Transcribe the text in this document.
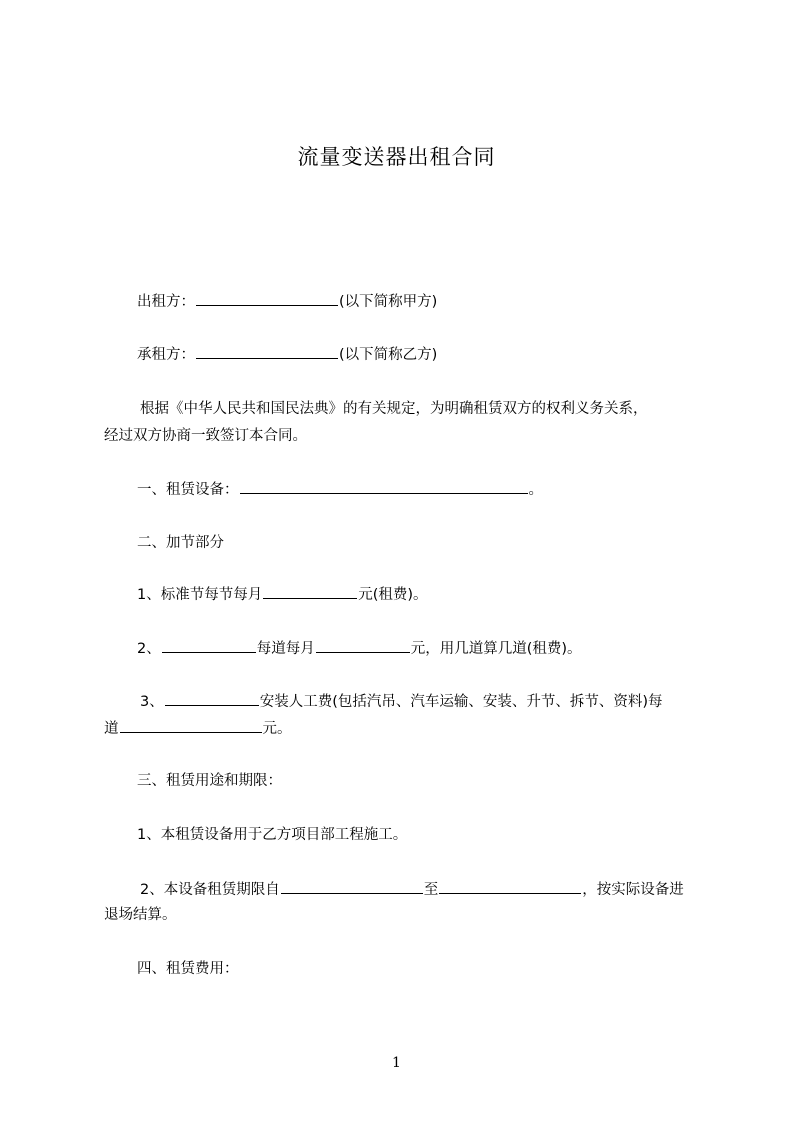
流量变送器出租合同
出租方：	(以下简称甲方)
承租方：	(以下简称乙方)
根据《中华人民共和国民法典》的有关规定，为明确租赁双方的权利义务关系，
经过双方协商一致签订本合同。
一、租赁设备：	。
二、加节部分
1、标准节每节每月	元(租费)。
2、	每道每月	元，用几道算几道(租费)。
3、	安装人工费(包括汽吊、汽车运输、安装、升节、拆节、资料)每
道	元。
三、租赁用途和期限：
1、本租赁设备用于乙方项目部工程施工。
2、本设备租赁期限自	至	，按实际设备进
退场结算。
四、租赁费用：
1
